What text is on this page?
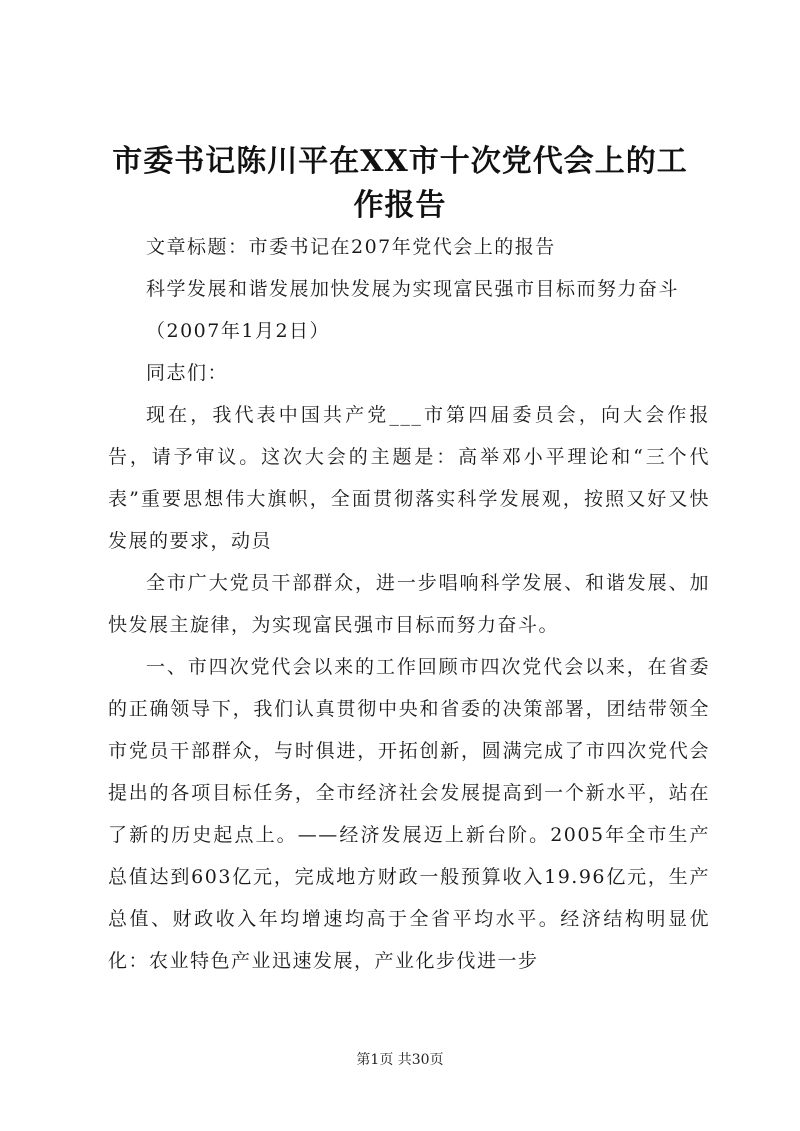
市委书记陈川平在XX市十次党代会上的工作报告

文章标题：市委书记在207年党代会上的报告

科学发展和谐发展加快发展为实现富民强市目标而努力奋斗

（2007年1月2日）

同志们：

现在，我代表中国共产党___市第四届委员会，向大会作报告，请予审议。这次大会的主题是：高举邓小平理论和“三个代表”重要思想伟大旗帜，全面贯彻落实科学发展观，按照又好又快发展的要求，动员

全市广大党员干部群众，进一步唱响科学发展、和谐发展、加快发展主旋律，为实现富民强市目标而努力奋斗。

一、市四次党代会以来的工作回顾市四次党代会以来，在省委的正确领导下，我们认真贯彻中央和省委的决策部署，团结带领全市党员干部群众，与时俱进，开拓创新，圆满完成了市四次党代会提出的各项目标任务，全市经济社会发展提高到一个新水平，站在了新的历史起点上。——经济发展迈上新台阶。2005年全市生产总值达到603亿元，完成地方财政一般预算收入19.96亿元，生产总值、财政收入年均增速均高于全省平均水平。经济结构明显优化：农业特色产业迅速发展，产业化步伐进一步

第1页 共30页
